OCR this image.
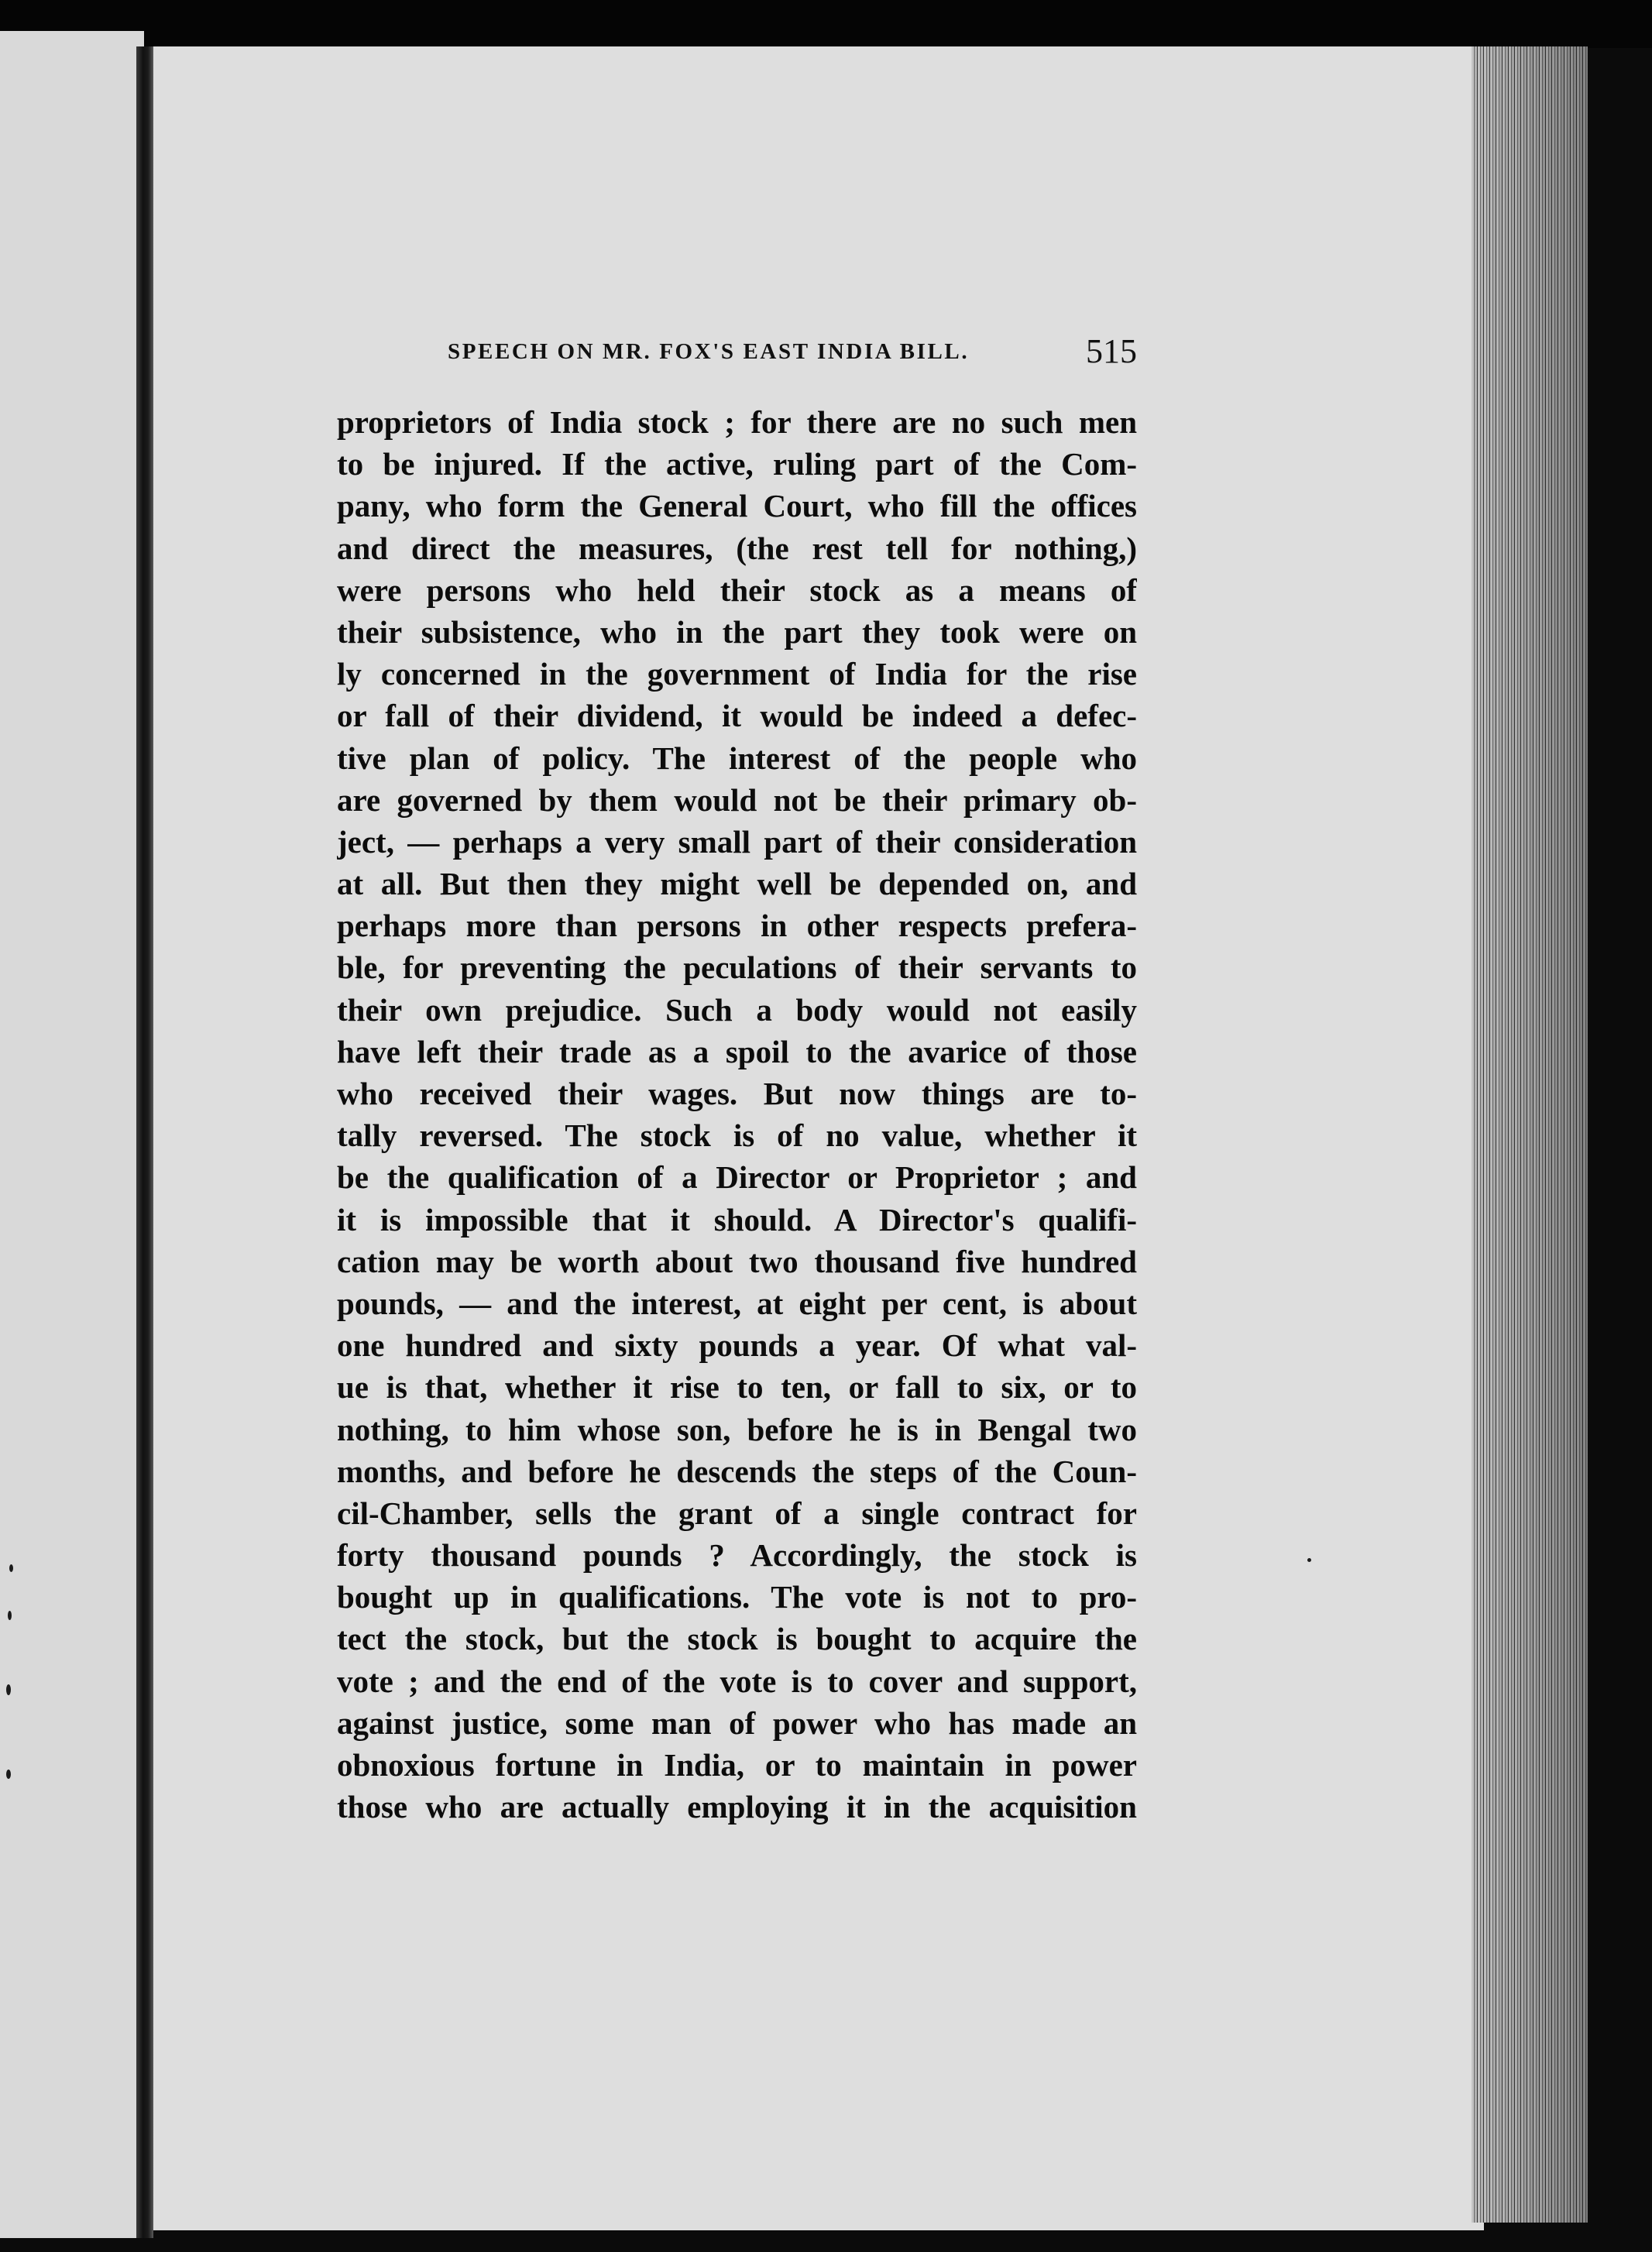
SPEECH ON MR. FOX'S EAST INDIA BILL.	515
proprietors of India stock ; for there are no such men
to be injured. If the active, ruling part of the Com-
pany, who form the General Court, who fill the offices
and direct the measures, (the rest tell for nothing,)
were persons who held their stock as a means of
their subsistence, who in the part they took were on
ly concerned in the government of India for the rise
or fall of their dividend, it would be indeed a defec-
tive plan of policy. The interest of the people who
are governed by them would not be their primary ob-
ject, — perhaps a very small part of their consideration
at all. But then they might well be depended on, and
perhaps more than persons in other respects prefera-
ble, for preventing the peculations of their servants to
their own prejudice. Such a body would not easily
have left their trade as a spoil to the avarice of those
who received their wages. But now things are to-
tally reversed. The stock is of no value, whether it
be the qualification of a Director or Proprietor ; and
it is impossible that it should. A Director's qualifi-
cation may be worth about two thousand five hundred
pounds, — and the interest, at eight per cent, is about
one hundred and sixty pounds a year. Of what val-
ue is that, whether it rise to ten, or fall to six, or to
nothing, to him whose son, before he is in Bengal two
months, and before he descends the steps of the Coun-
cil-Chamber, sells the grant of a single contract for
forty thousand pounds ? Accordingly, the stock is
bought up in qualifications. The vote is not to pro-
tect the stock, but the stock is bought to acquire the
vote ; and the end of the vote is to cover and support,
against justice, some man of power who has made an
obnoxious fortune in India, or to maintain in power
those who are actually employing it in the acquisition
